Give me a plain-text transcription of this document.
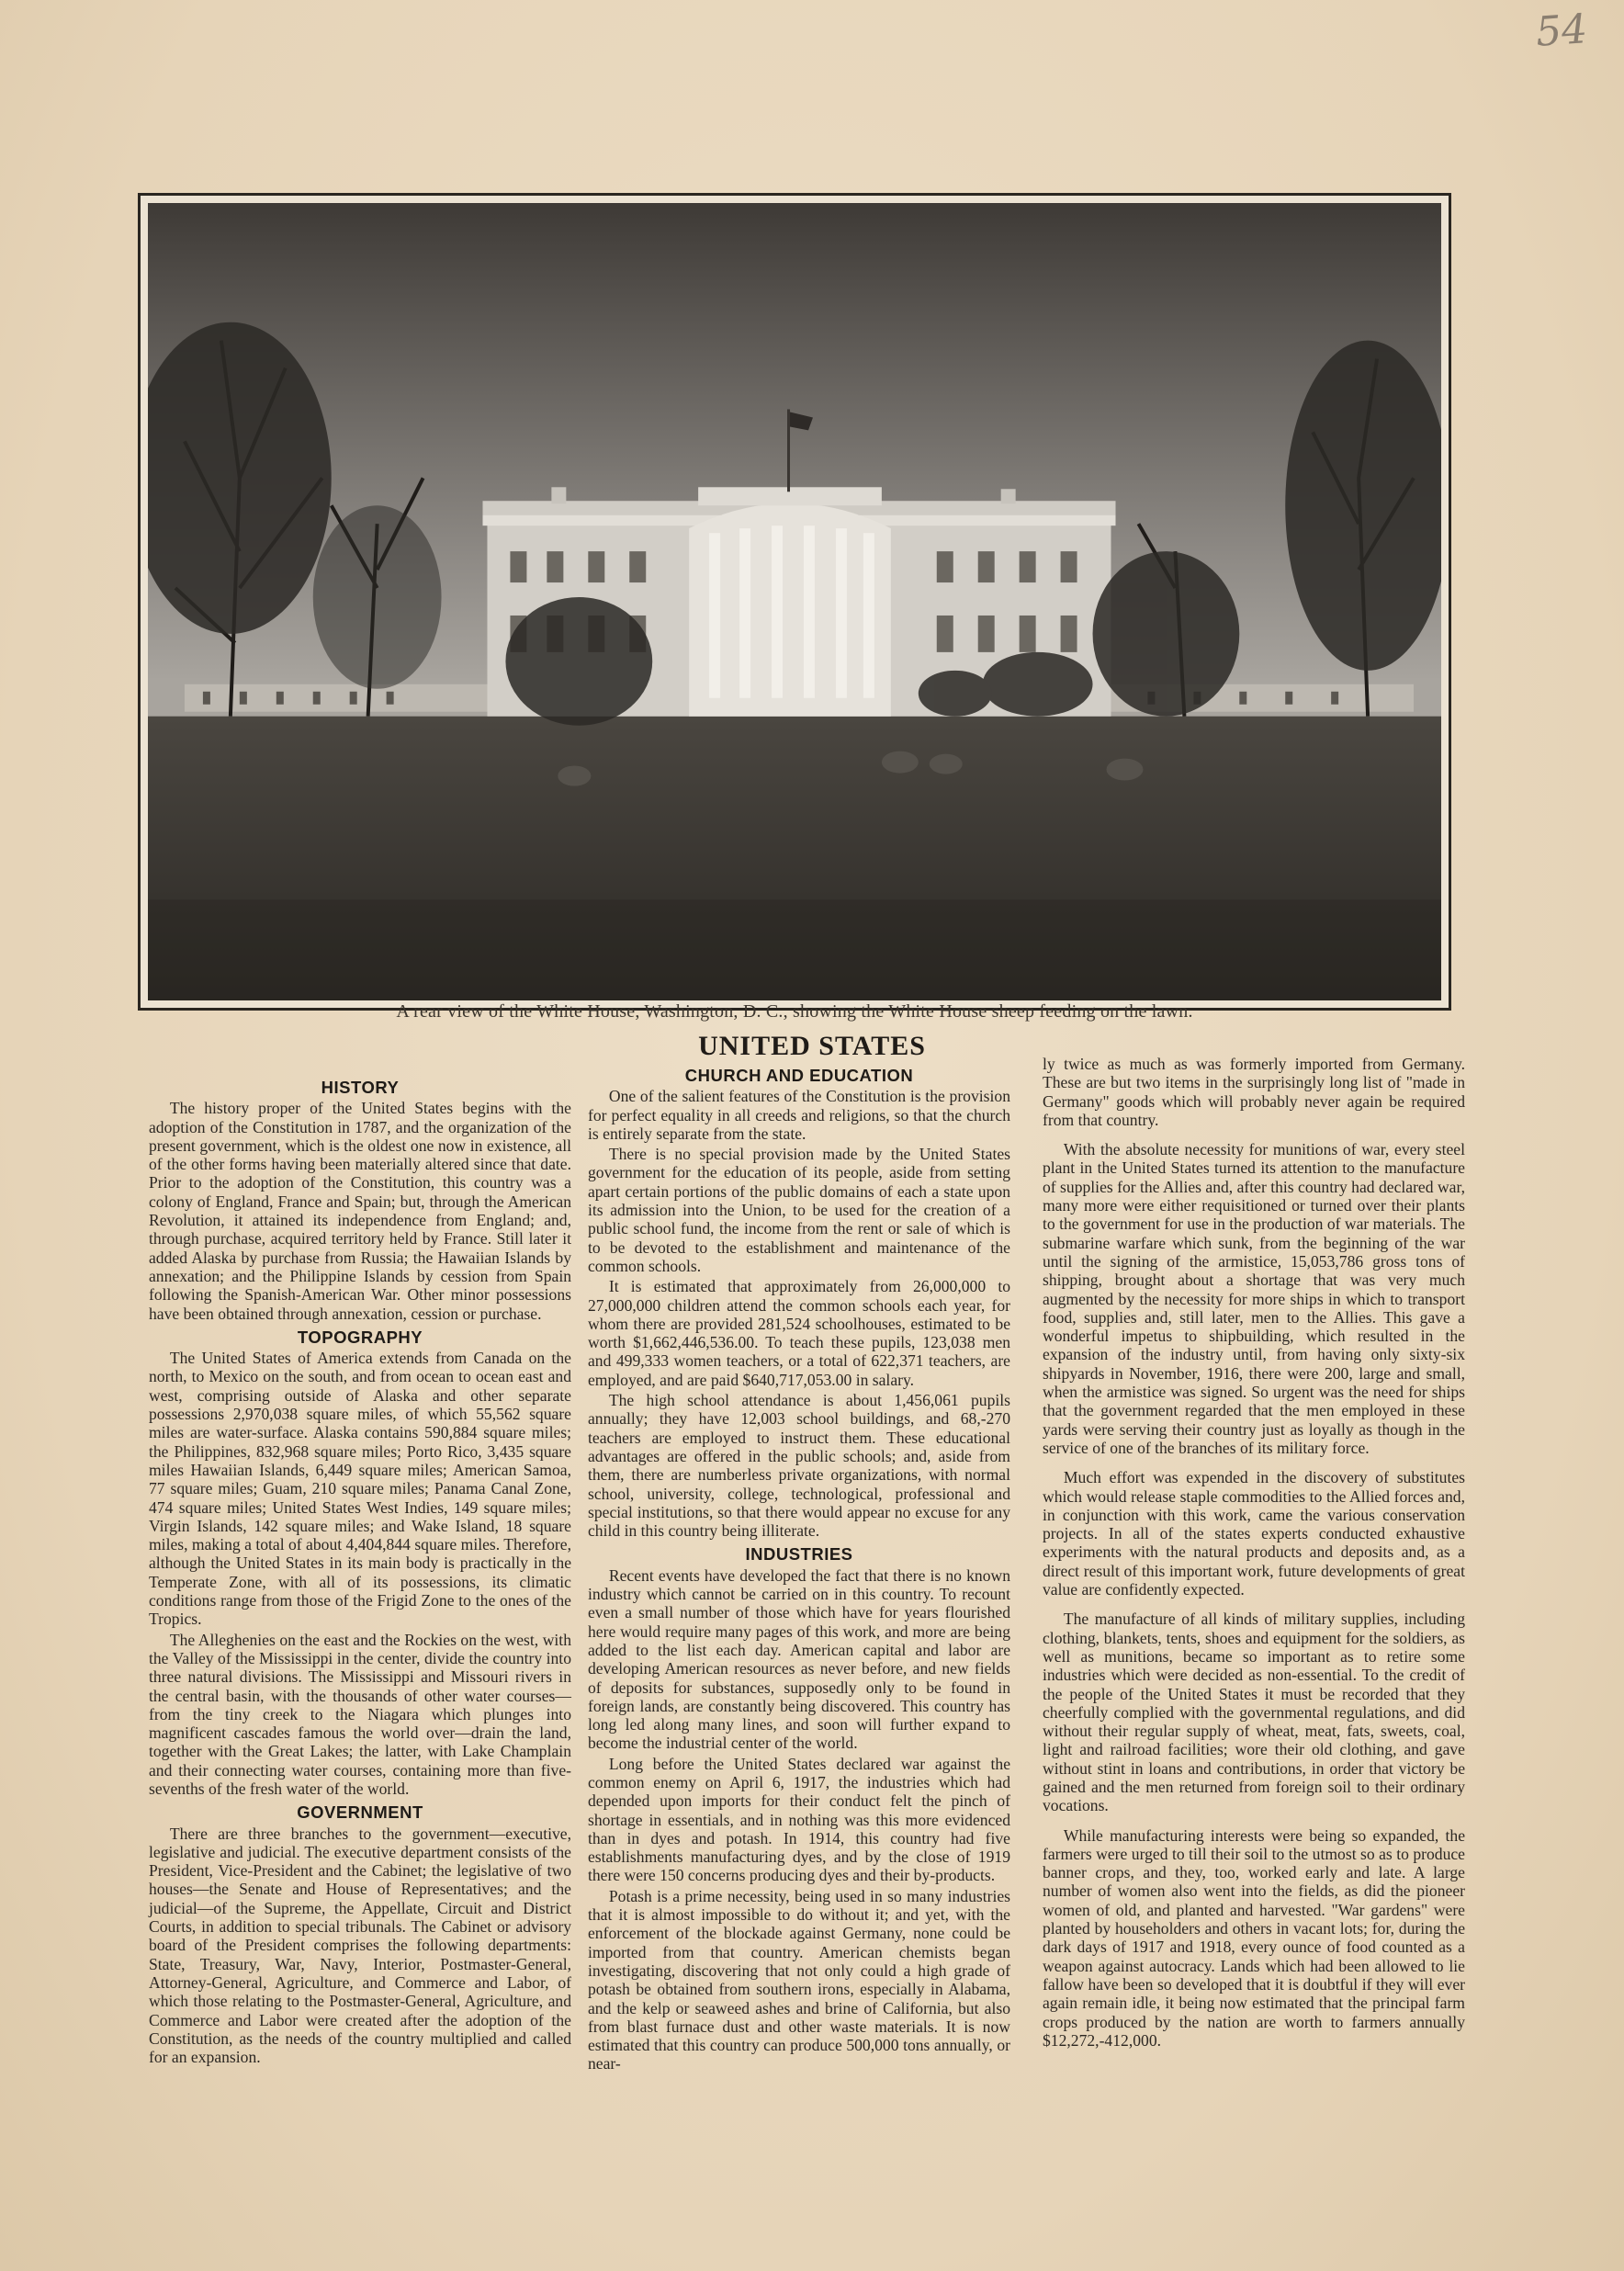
54
A rear view of the White House, Washington, D. C., showing the White House sheep feeding on the lawn.
UNITED STATES
HISTORY

The history proper of the United States begins with the adoption of the Constitution in 1787, and the organization of the present government, which is the oldest one now in existence, all of the other forms having been materially altered since that date. Prior to the adoption of the Constitution, this country was a colony of England, France and Spain; but, through the American Revolution, it attained its independence from England; and, through purchase, acquired territory held by France. Still later it added Alaska by purchase from Russia; the Hawaiian Islands by annexation; and the Philippine Islands by cession from Spain following the Spanish-American War. Other minor possessions have been obtained through annexation, cession or purchase.

TOPOGRAPHY

The United States of America extends from Canada on the north, to Mexico on the south, and from ocean to ocean east and west, comprising outside of Alaska and other separate possessions 2,970,038 square miles, of which 55,562 square miles are water-surface. Alaska contains 590,884 square miles; the Philippines, 832,968 square miles; Porto Rico, 3,435 square miles Hawaiian Islands, 6,449 square miles; American Samoa, 77 square miles; Guam, 210 square miles; Panama Canal Zone, 474 square miles; United States West Indies, 149 square miles; Virgin Islands, 142 square miles; and Wake Island, 18 square miles, making a total of about 4,404,844 square miles. Therefore, although the United States in its main body is practically in the Temperate Zone, with all of its possessions, its climatic conditions range from those of the Frigid Zone to the ones of the Tropics.

The Alleghenies on the east and the Rockies on the west, with the Valley of the Mississippi in the center, divide the country into three natural divisions. The Mississippi and Missouri rivers in the central basin, with the thousands of other water courses—from the tiny creek to the Niagara which plunges into magnificent cascades famous the world over—drain the land, together with the Great Lakes; the latter, with Lake Champlain and their connecting water courses, containing more than five-sevenths of the fresh water of the world.

GOVERNMENT

There are three branches to the government—executive, legislative and judicial. The executive department consists of the President, Vice-President and the Cabinet; the legislative of two houses—the Senate and House of Representatives; and the judicial—of the Supreme, the Appellate, Circuit and District Courts, in addition to special tribunals. The Cabinet or advisory board of the President comprises the following departments: State, Treasury, War, Navy, Interior, Postmaster-General, Attorney-General, Agriculture, and Commerce and Labor, of which those relating to the Postmaster-General, Agriculture, and Commerce and Labor were created after the adoption of the Constitution, as the needs of the country multiplied and called for an expansion.

CHURCH AND EDUCATION

One of the salient features of the Constitution is the provision for perfect equality in all creeds and religions, so that the church is entirely separate from the state.

There is no special provision made by the United States government for the education of its people, aside from setting apart certain portions of the public domains of each a state upon its admission into the Union, to be used for the creation of a public school fund, the income from the rent or sale of which is to be devoted to the establishment and maintenance of the common schools.

It is estimated that approximately from 26,000,000 to 27,000,000 children attend the common schools each year, for whom there are provided 281,524 schoolhouses, estimated to be worth $1,662,446,536.00. To teach these pupils, 123,038 men and 499,333 women teachers, or a total of 622,371 teachers, are employed, and are paid $640,717,053.00 in salary.

The high school attendance is about 1,456,061 pupils annually; they have 12,003 school buildings, and 68,-270 teachers are employed to instruct them. These educational advantages are offered in the public schools; and, aside from them, there are numberless private organizations, with normal school, university, college, technological, professional and special institutions, so that there would appear no excuse for any child in this country being illiterate.

INDUSTRIES

Recent events have developed the fact that there is no known industry which cannot be carried on in this country. To recount even a small number of those which have for years flourished here would require many pages of this work, and more are being added to the list each day. American capital and labor are developing American resources as never before, and new fields of deposits for substances, supposedly only to be found in foreign lands, are constantly being discovered. This country has long led along many lines, and soon will further expand to become the industrial center of the world.

Long before the United States declared war against the common enemy on April 6, 1917, the industries which had depended upon imports for their conduct felt the pinch of shortage in essentials, and in nothing was this more evidenced than in dyes and potash. In 1914, this country had five establishments manufacturing dyes, and by the close of 1919 there were 150 concerns producing dyes and their by-products.

Potash is a prime necessity, being used in so many industries that it is almost impossible to do without it; and yet, with the enforcement of the blockade against Germany, none could be imported from that country. American chemists began investigating, discovering that not only could a high grade of potash be obtained from southern irons, especially in Alabama, and the kelp or seaweed ashes and brine of California, but also from blast furnace dust and other waste materials. It is now estimated that this country can produce 500,000 tons annually, or near-

ly twice as much as was formerly imported from Germany. These are but two items in the surprisingly long list of "made in Germany" goods which will probably never again be required from that country.

With the absolute necessity for munitions of war, every steel plant in the United States turned its attention to the manufacture of supplies for the Allies and, after this country had declared war, many more were either requisitioned or turned over their plants to the government for use in the production of war materials. The submarine warfare which sunk, from the beginning of the war until the signing of the armistice, 15,053,786 gross tons of shipping, brought about a shortage that was very much augmented by the necessity for more ships in which to transport food, supplies and, still later, men to the Allies. This gave a wonderful impetus to shipbuilding, which resulted in the expansion of the industry until, from having only sixty-six shipyards in November, 1916, there were 200, large and small, when the armistice was signed. So urgent was the need for ships that the government regarded that the men employed in these yards were serving their country just as loyally as though in the service of one of the branches of its military force.

Much effort was expended in the discovery of substitutes which would release staple commodities to the Allied forces and, in conjunction with this work, came the various conservation projects. In all of the states experts conducted exhaustive experiments with the natural products and deposits and, as a direct result of this important work, future developments of great value are confidently expected.

The manufacture of all kinds of military supplies, including clothing, blankets, tents, shoes and equipment for the soldiers, as well as munitions, became so important as to retire some industries which were decided as non-essential. To the credit of the people of the United States it must be recorded that they cheerfully complied with the governmental regulations, and did without their regular supply of wheat, meat, fats, sweets, coal, light and railroad facilities; wore their old clothing, and gave without stint in loans and contributions, in order that victory be gained and the men returned from foreign soil to their ordinary vocations.

While manufacturing interests were being so expanded, the farmers were urged to till their soil to the utmost so as to produce banner crops, and they, too, worked early and late. A large number of women also went into the fields, as did the pioneer women of old, and planted and harvested. "War gardens" were planted by householders and others in vacant lots; for, during the dark days of 1917 and 1918, every ounce of food counted as a weapon against autocracy. Lands which had been allowed to lie fallow have been so developed that it is doubtful if they will ever again remain idle, it being now estimated that the principal farm crops produced by the nation are worth to farmers annually $12,272,-412,000.
